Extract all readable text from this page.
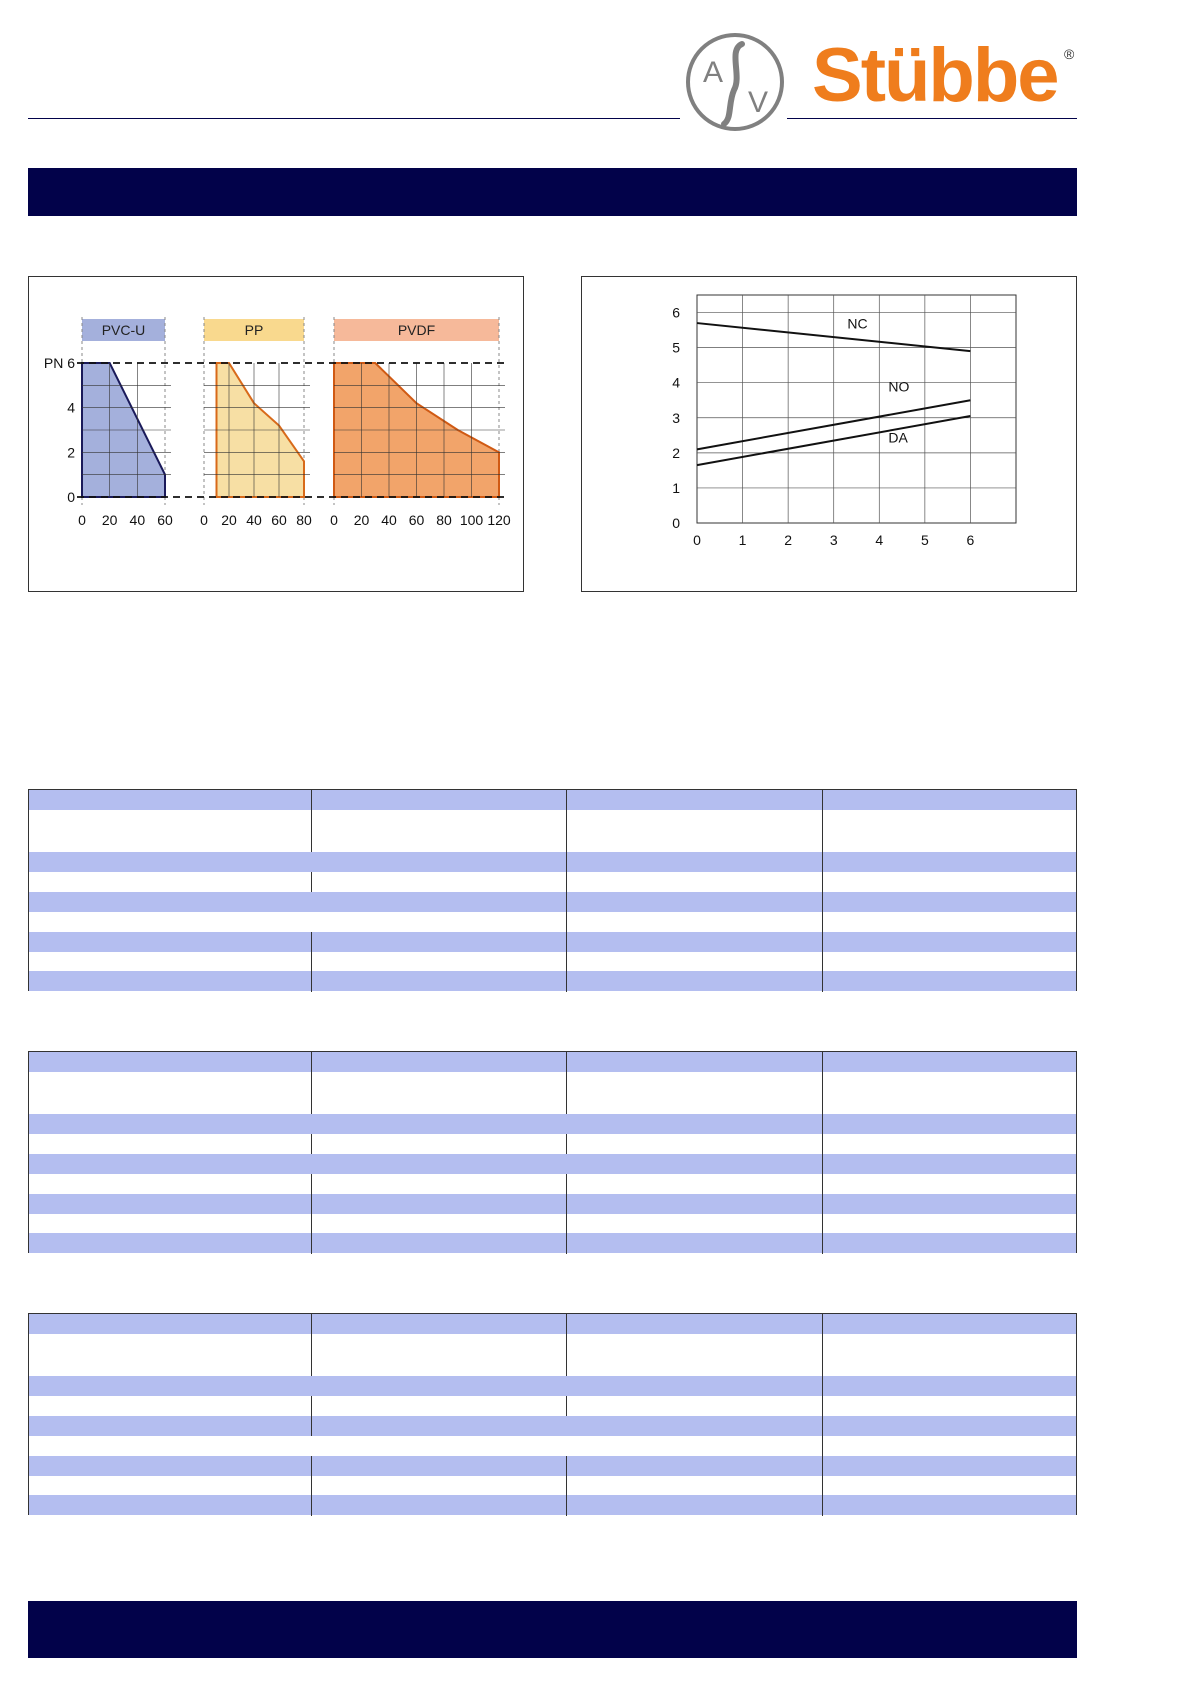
A
V Stübbe ®
PN 6
4
2
0
PVC-U
0 20 40 60
PP
0 20 40 60 80
PVDF
0 20 40 60 80 100 120
0	1	2	3	4	5	6
0
1
2
3
4
5
6
NC
NO
DA
